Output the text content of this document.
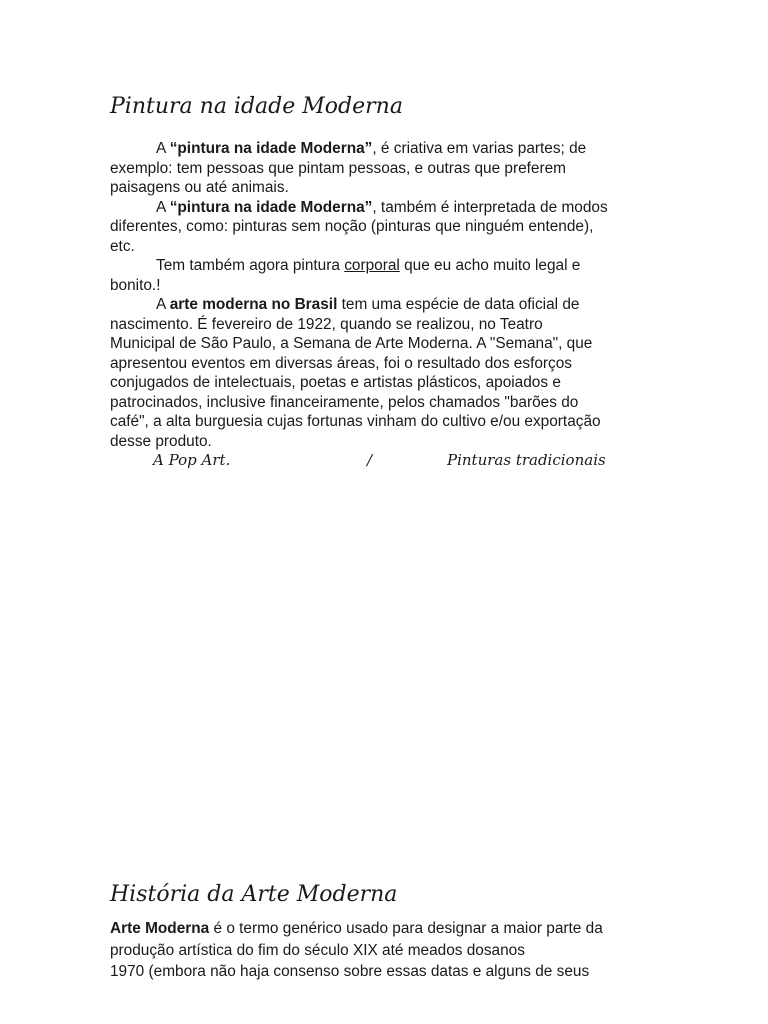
Pintura na idade Moderna
A “pintura na idade Moderna”, é criativa em varias partes; de
exemplo: tem pessoas que pintam pessoas, e outras que preferem
paisagens ou até animais.
A “pintura na idade Moderna”, também é interpretada de modos
diferentes, como: pinturas sem noção (pinturas que ninguém entende),
etc.
Tem também agora pintura corporal que eu acho muito legal e
bonito.!
A arte moderna no Brasil tem uma espécie de data oficial de
nascimento. É fevereiro de 1922, quando se realizou, no Teatro
Municipal de São Paulo, a Semana de Arte Moderna. A "Semana", que
apresentou eventos em diversas áreas, foi o resultado dos esforços
conjugados de intelectuais, poetas e artistas plásticos, apoiados e
patrocinados, inclusive financeiramente, pelos chamados "barões do
café", a alta burguesia cujas fortunas vinham do cultivo e/ou exportação
desse produto.
A Pop Art.	/	Pinturas tradicionais
História da Arte Moderna
Arte Moderna é o termo genérico usado para designar a maior parte da
produção artística do fim do século XIX até meados dosanos
1970 (embora não haja consenso sobre essas datas e alguns de seus
